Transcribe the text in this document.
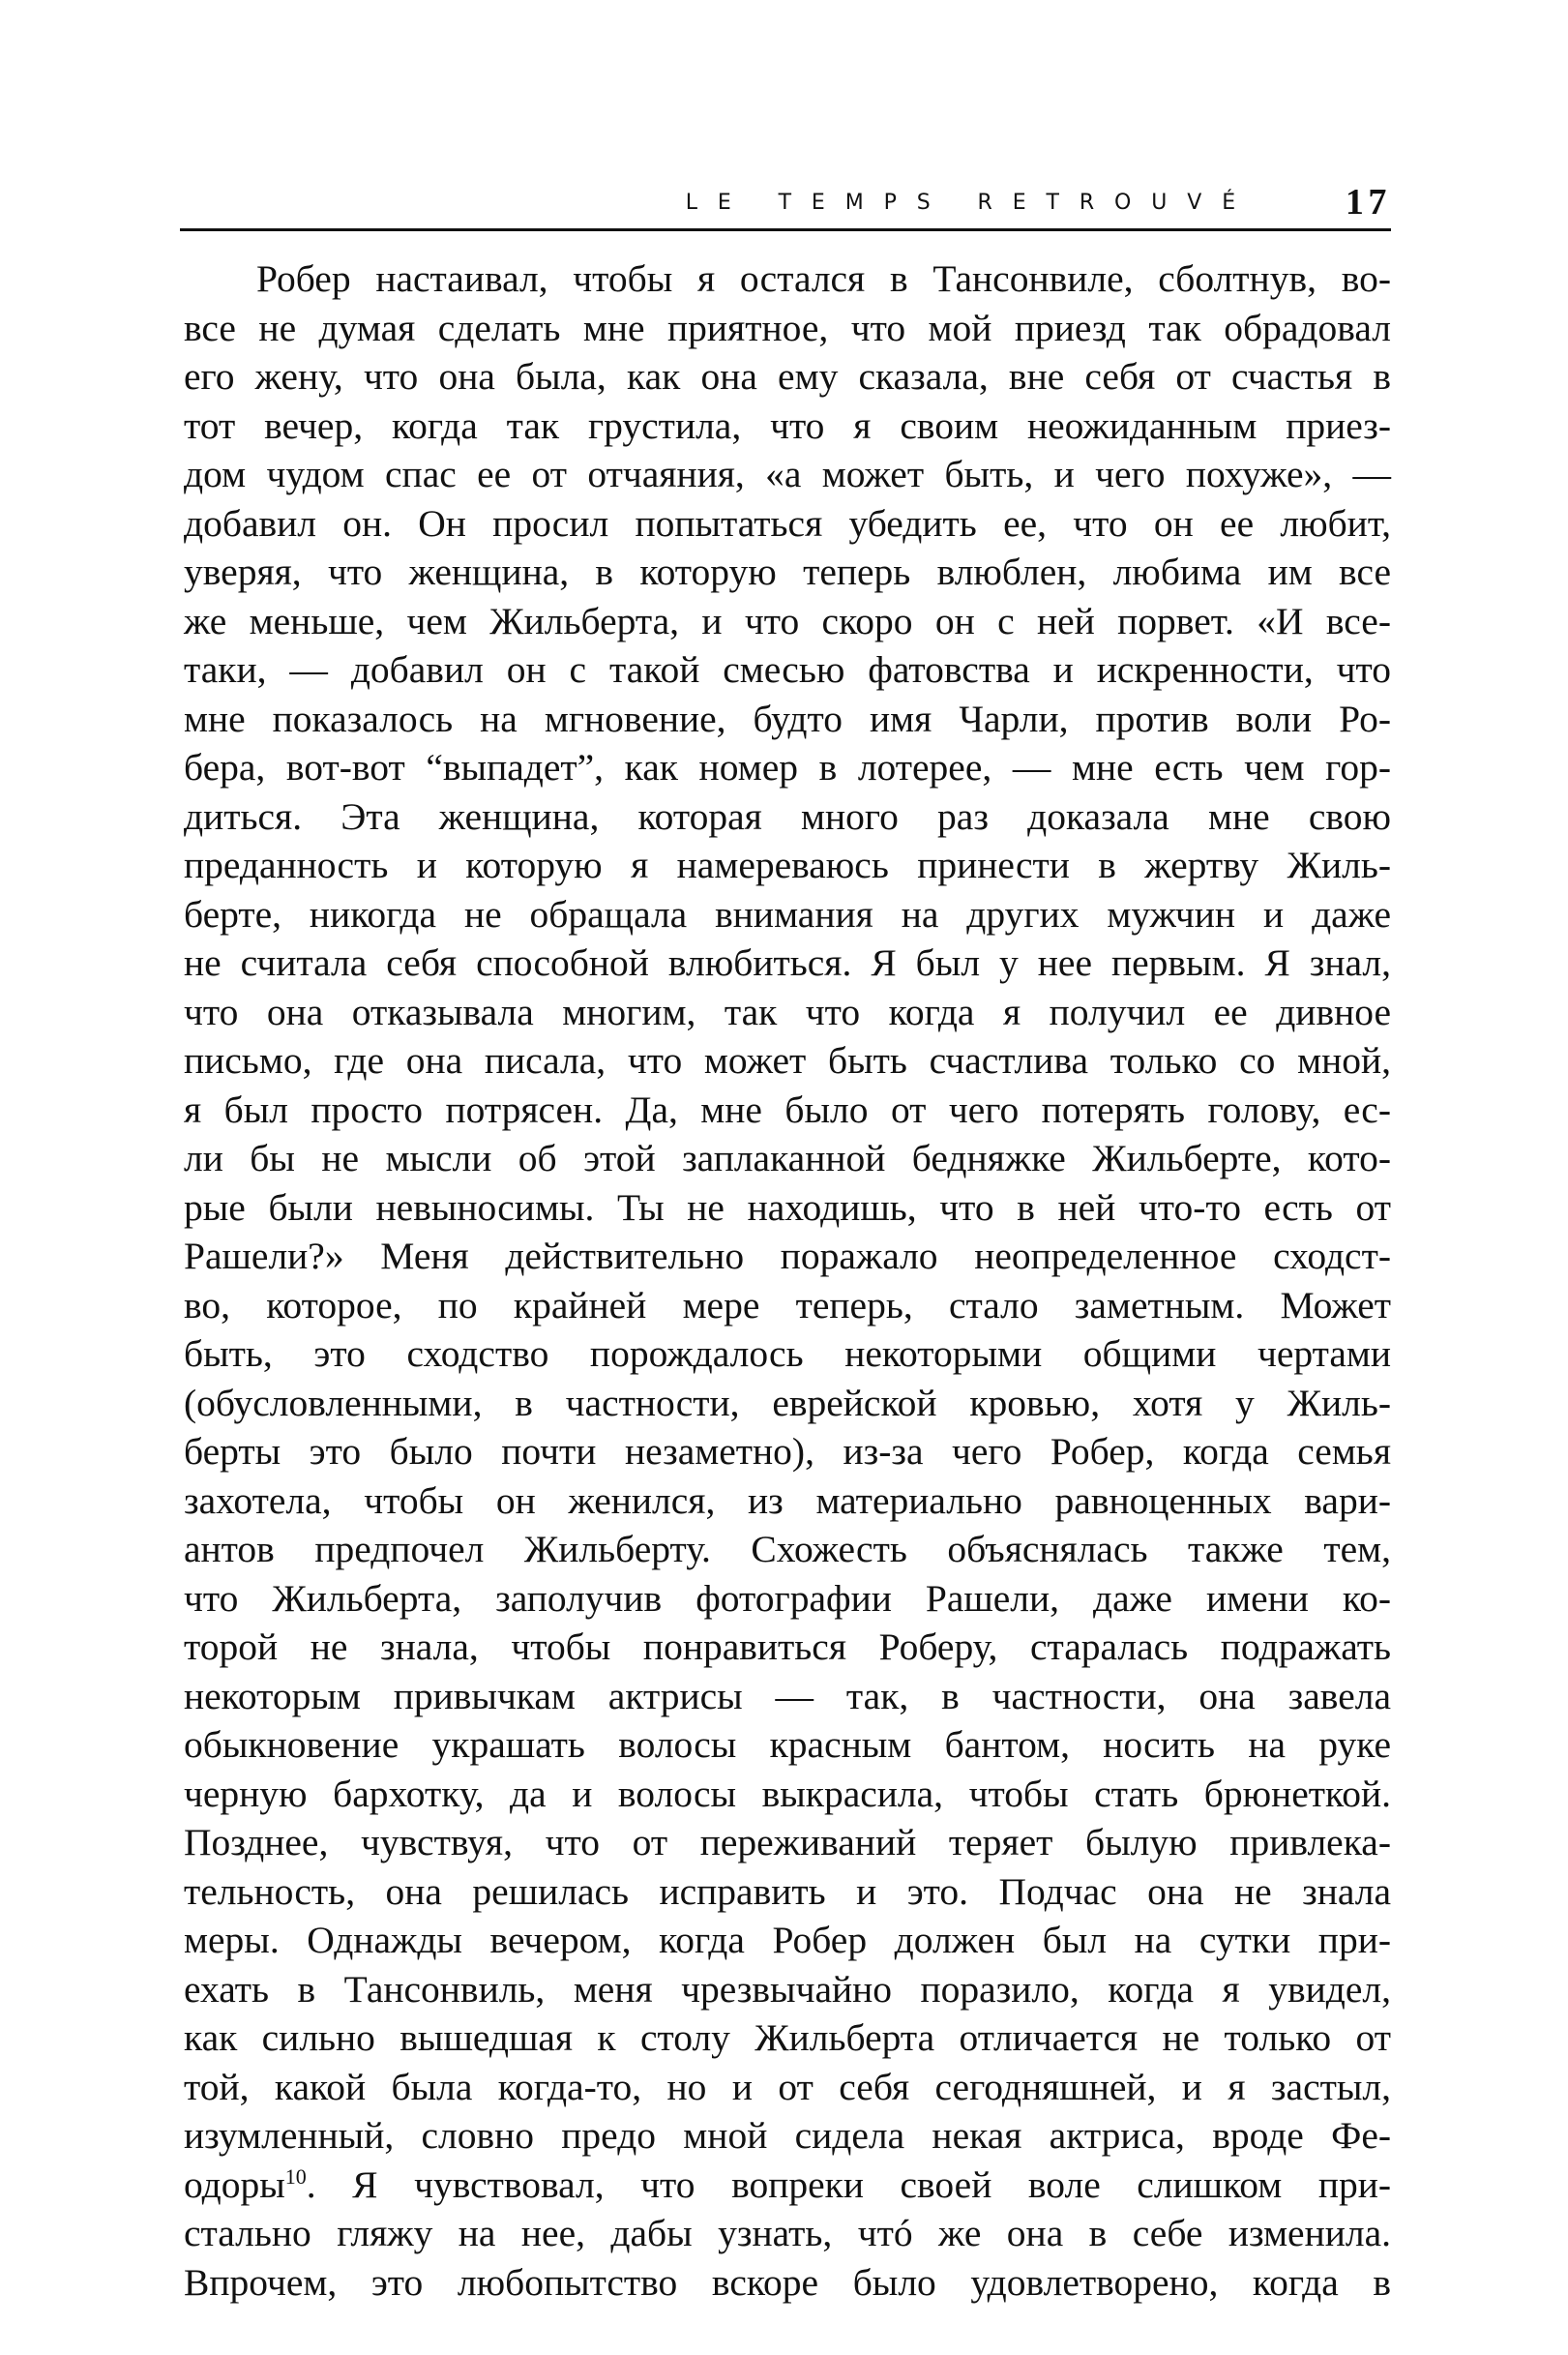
LE TEMPS RETROUVÉ 17
Робер настаивал, чтобы я остался в Тансонвиле, сболтнув, во-
все не думая сделать мне приятное, что мой приезд так обрадовал
его жену, что она была, как она ему сказала, вне себя от счастья в
тот вечер, когда так грустила, что я своим неожиданным приез-
дом чудом спас ее от отчаяния, «а может быть, и чего похуже», —
добавил он. Он просил попытаться убедить ее, что он ее любит,
уверяя, что женщина, в которую теперь влюблен, любима им все
же меньше, чем Жильберта, и что скоро он с ней порвет. «И все-
таки, — добавил он с такой смесью фатовства и искренности, что
мне показалось на мгновение, будто имя Чарли, против воли Ро-
бера, вот-вот “выпадет”, как номер в лотерее, — мне есть чем гор-
диться. Эта женщина, которая много раз доказала мне свою
преданность и которую я намереваюсь принести в жертву Жиль-
берте, никогда не обращала внимания на других мужчин и даже
не считала себя способной влюбиться. Я был у нее первым. Я знал,
что она отказывала многим, так что когда я получил ее дивное
письмо, где она писала, что может быть счастлива только со мной,
я был просто потрясен. Да, мне было от чего потерять голову, ес-
ли бы не мысли об этой заплаканной бедняжке Жильберте, кото-
рые были невыносимы. Ты не находишь, что в ней что-то есть от
Рашели?» Меня действительно поражало неопределенное сходст-
во, которое, по крайней мере теперь, стало заметным. Может
быть, это сходство порождалось некоторыми общими чертами
(обусловленными, в частности, еврейской кровью, хотя у Жиль-
берты это было почти незаметно), из-за чего Робер, когда семья
захотела, чтобы он женился, из материально равноценных вари-
антов предпочел Жильберту. Схожесть объяснялась также тем,
что Жильберта, заполучив фотографии Рашели, даже имени ко-
торой не знала, чтобы понравиться Роберу, старалась подражать
некоторым привычкам актрисы — так, в частности, она завела
обыкновение украшать волосы красным бантом, носить на руке
черную бархотку, да и волосы выкрасила, чтобы стать брюнеткой.
Позднее, чувствуя, что от переживаний теряет былую привлека-
тельность, она решилась исправить и это. Подчас она не знала
меры. Однажды вечером, когда Робер должен был на сутки при-
ехать в Тансонвиль, меня чрезвычайно поразило, когда я увидел,
как сильно вышедшая к столу Жильберта отличается не только от
той, какой была когда-то, но и от себя сегодняшней, и я застыл,
изумленный, словно предо мной сидела некая актриса, вроде Фе-
одоры$^{10}$. Я чувствовал, что вопреки своей воле слишком при-
стально гляжу на нее, дабы узнать, чтó же она в себе изменила.
Впрочем, это любопытство вскоре было удовлетворено, когда в
